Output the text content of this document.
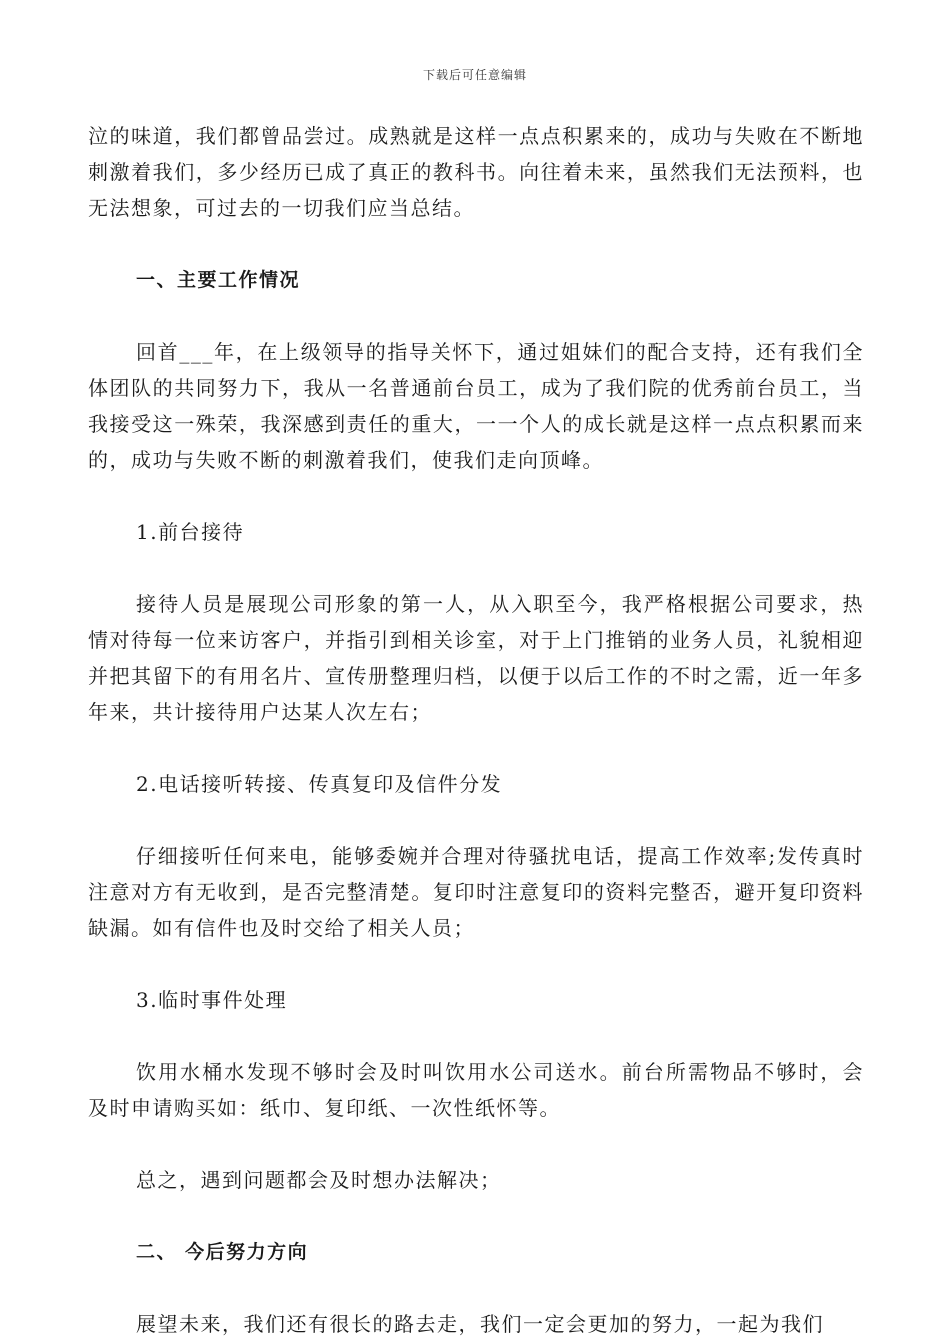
下载后可任意编辑

泣的味道，我们都曾品尝过。成熟就是这样一点点积累来的，成功与失败在不断地刺激着我们，多少经历已成了真正的教科书。向往着未来，虽然我们无法预料，也无法想象，可过去的一切我们应当总结。

一、主要工作情况

回首___年，在上级领导的指导关怀下，通过姐妹们的配合支持，还有我们全体团队的共同努力下，我从一名普通前台员工，成为了我们院的优秀前台员工，当我接受这一殊荣，我深感到责任的重大，一一个人的成长就是这样一点点积累而来的，成功与失败不断的刺激着我们，使我们走向顶峰。

1.前台接待

接待人员是展现公司形象的第一人，从入职至今，我严格根据公司要求，热情对待每一位来访客户，并指引到相关诊室，对于上门推销的业务人员，礼貌相迎并把其留下的有用名片、宣传册整理归档，以便于以后工作的不时之需，近一年多年来，共计接待用户达某人次左右；

2.电话接听转接、传真复印及信件分发

仔细接听任何来电，能够委婉并合理对待骚扰电话，提高工作效率;发传真时注意对方有无收到，是否完整清楚。复印时注意复印的资料完整否，避开复印资料缺漏。如有信件也及时交给了相关人员；

3.临时事件处理

饮用水桶水发现不够时会及时叫饮用水公司送水。前台所需物品不够时，会及时申请购买如：纸巾、复印纸、一次性纸怀等。

总之，遇到问题都会及时想办法解决；

二、 今后努力方向

展望未来，我们还有很长的路去走，我们一定会更加的努力，一起为我们
